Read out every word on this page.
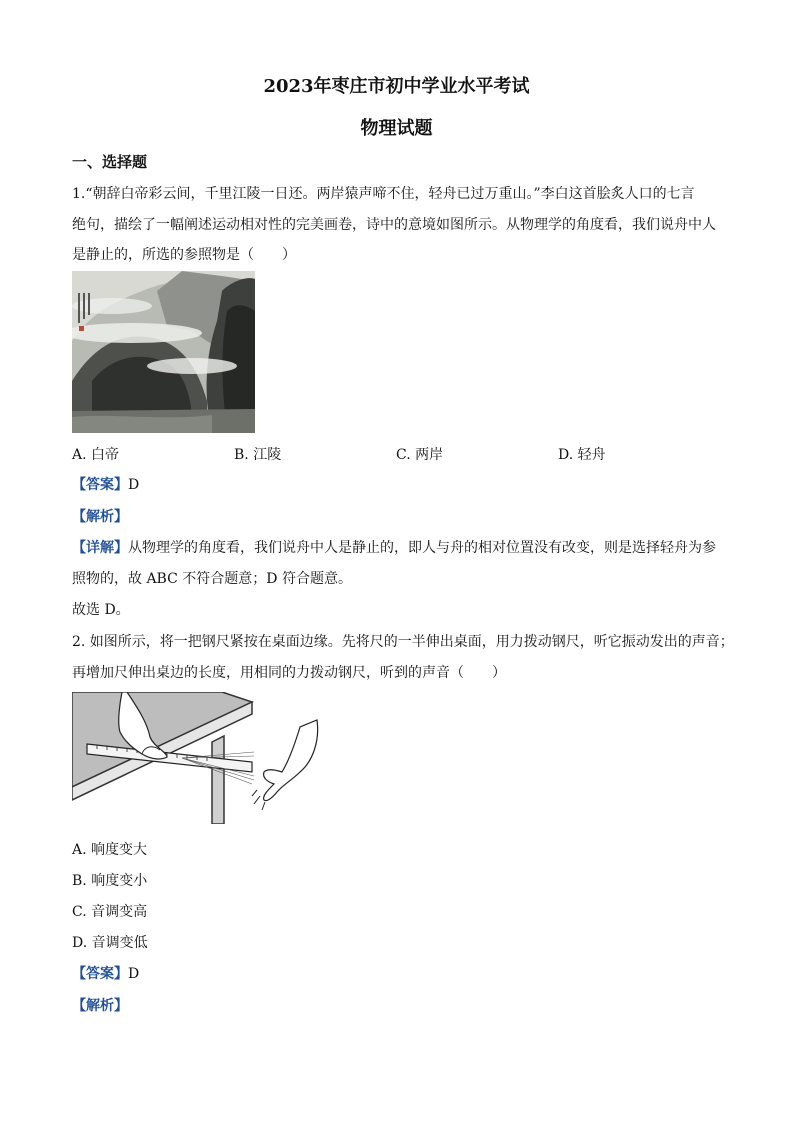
2023年枣庄市初中学业水平考试
物理试题
一、选择题
1.“朝辞白帝彩云间，千里江陵一日还。两岸猿声啼不住，轻舟已过万重山。”李白这首脍炙人口的七言
绝句，描绘了一幅阐述运动相对性的完美画卷，诗中的意境如图所示。从物理学的角度看，我们说舟中人
是静止的，所选的参照物是（　　）
A. 白帝	B. 江陵	C. 两岸	D. 轻舟
【答案】D
【解析】
【详解】从物理学的角度看，我们说舟中人是静止的，即人与舟的相对位置没有改变，则是选择轻舟为参
照物的，故 ABC 不符合题意；D 符合题意。
故选 D。
2. 如图所示，将一把钢尺紧按在桌面边缘。先将尺的一半伸出桌面，用力拨动钢尺，听它振动发出的声音；
再增加尺伸出桌边的长度，用相同的力拨动钢尺，听到的声音（　　）
A. 响度变大
B. 响度变小
C. 音调变高
D. 音调变低
【答案】D
【解析】
